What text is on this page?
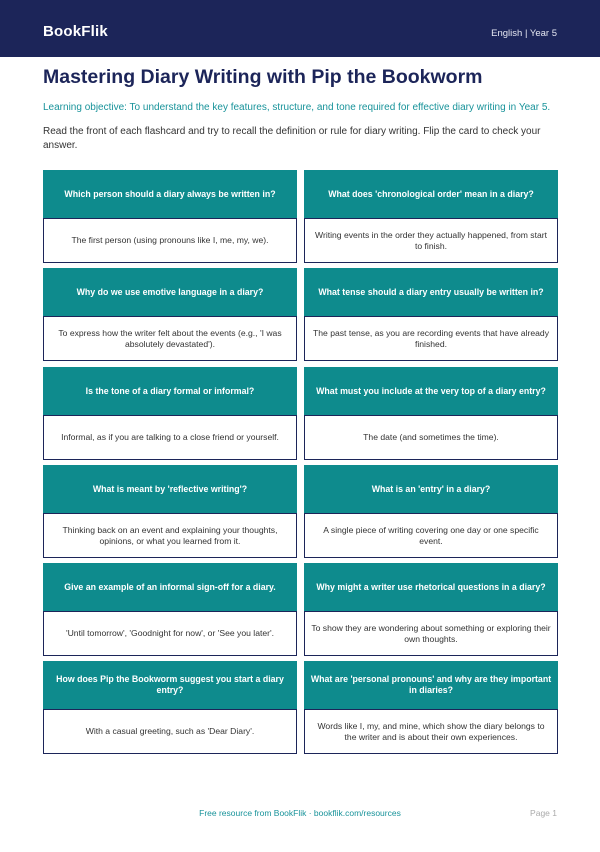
BookFlik	English | Year 5
Mastering Diary Writing with Pip the Bookworm
Learning objective: To understand the key features, structure, and tone required for effective diary writing in Year 5.
Read the front of each flashcard and try to recall the definition or rule for diary writing. Flip the card to check your answer.
Which person should a diary always be written in?
The first person (using pronouns like I, me, my, we).
What does 'chronological order' mean in a diary?
Writing events in the order they actually happened, from start to finish.
Why do we use emotive language in a diary?
To express how the writer felt about the events (e.g., 'I was absolutely devastated').
What tense should a diary entry usually be written in?
The past tense, as you are recording events that have already finished.
Is the tone of a diary formal or informal?
Informal, as if you are talking to a close friend or yourself.
What must you include at the very top of a diary entry?
The date (and sometimes the time).
What is meant by 'reflective writing'?
Thinking back on an event and explaining your thoughts, opinions, or what you learned from it.
What is an 'entry' in a diary?
A single piece of writing covering one day or one specific event.
Give an example of an informal sign-off for a diary.
'Until tomorrow', 'Goodnight for now', or 'See you later'.
Why might a writer use rhetorical questions in a diary?
To show they are wondering about something or exploring their own thoughts.
How does Pip the Bookworm suggest you start a diary entry?
With a casual greeting, such as 'Dear Diary'.
What are 'personal pronouns' and why are they important in diaries?
Words like I, my, and mine, which show the diary belongs to the writer and is about their own experiences.
Free resource from BookFlik · bookflik.com/resources	Page 1
